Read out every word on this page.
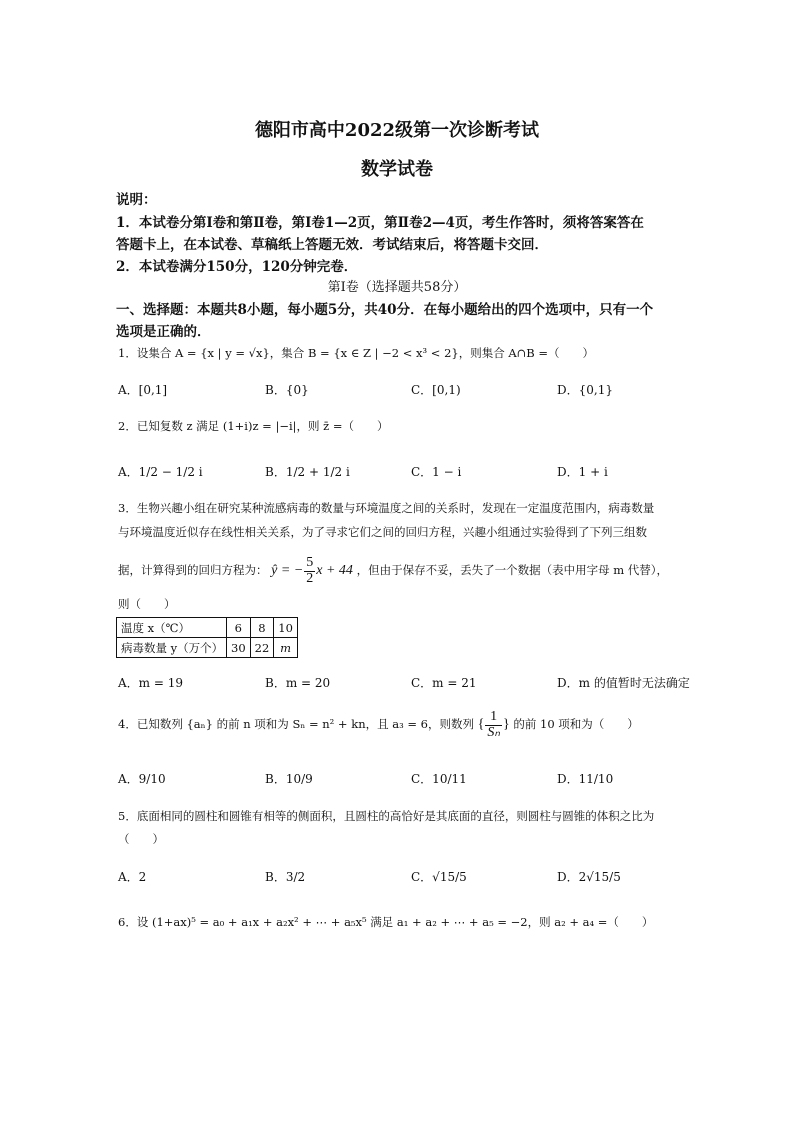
德阳市高中2022级第一次诊断考试
数学试卷
说明：
1．本试卷分第Ⅰ卷和第Ⅱ卷，第Ⅰ卷1—2页，第Ⅱ卷2—4页，考生作答时，须将答案答在
答题卡上，在本试卷、草稿纸上答题无效．考试结束后，将答题卡交回．
2．本试卷满分150分，120分钟完卷．
第Ⅰ卷（选择题共58分）
一、选择题：本题共8小题，每小题5分，共40分．在每小题给出的四个选项中，只有一个
选项是正确的．
1．设集合 A = {x | y = √x}，集合 B = {x ∈ Z | −2 < x³ < 2}，则集合 A∩B =（　　）
A．[0,1]	B．{0}	C．[0,1)	D．{0,1}
2．已知复数 z 满足 (1+i)z = |−i|，则 z̄ =（　　）
A．1/2 − 1/2 i	B．1/2 + 1/2 i	C．1 − i	D．1 + i
3．生物兴趣小组在研究某种流感病毒的数量与环境温度之间的关系时，发现在一定温度范围内，病毒数量
与环境温度近似存在线性相关关系，为了寻求它们之间的回归方程，兴趣小组通过实验得到了下列三组数
据，计算得到的回归方程为： ŷ = − $\frac{5}{2}$ x + 44 ，但由于保存不妥，丢失了一个数据（表中用字母 m 代替），
则（　　）
温度 x（℃）	6	8	10
病毒数量 y（万个）	30	22	m
A．m = 19	B．m = 20	C．m = 21	D．m 的值暂时无法确定
4．已知数列 {aₙ} 的前 n 项和为 Sₙ = n² + kn，且 a₃ = 6，则数列 { $\frac{1}{\text{Sₙ}}$ } 的前 10 项和为（　　）
A．9/10	B．10/9	C．10/11	D．11/10
5．底面相同的圆柱和圆锥有相等的侧面积，且圆柱的高恰好是其底面的直径，则圆柱与圆锥的体积之比为
（　　）
A．2	B．3/2	C．√15/5	D．2√15/5
6．设 (1+ax)⁵ = a₀ + a₁x + a₂x² + ⋯ + a₅x⁵ 满足 a₁ + a₂ + ⋯ + a₅ = −2，则 a₂ + a₄ =（　　）
